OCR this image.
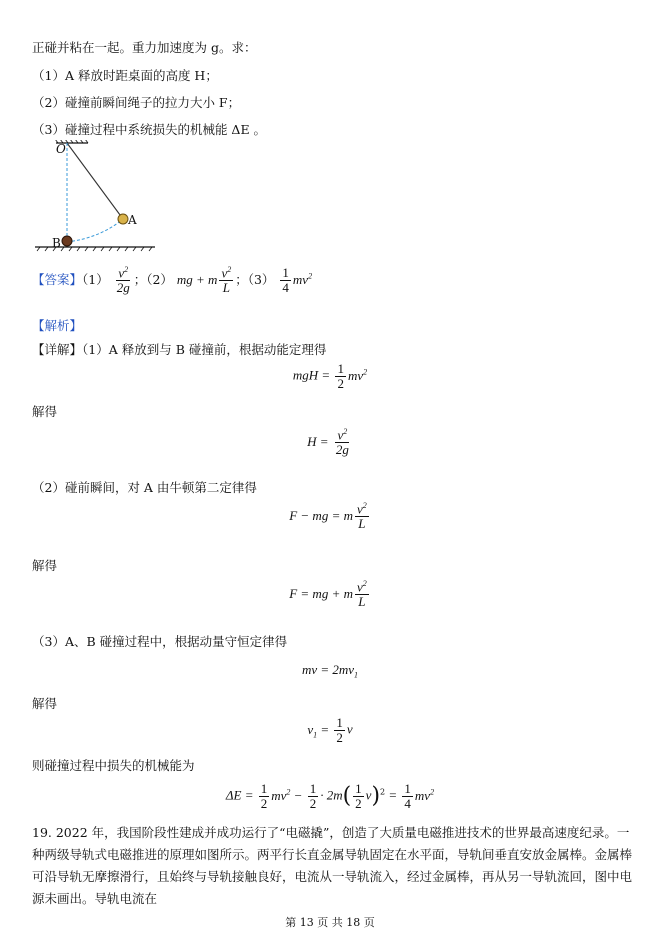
正碰并粘在一起。重力加速度为 g。求：
（1）A 释放时距桌面的高度 H；
（2）碰撞前瞬间绳子的拉力大小 F；
（3）碰撞过程中系统损失的机械能 ΔE 。
O
A
B
【答案】$(1) \frac{v^2}{2g}$ ；（2） mg + m $\frac{v^2}{L}$ ；$(3) \frac{1}{4} mv^2$
【解析】
【详解】（1）A 释放到与 B 碰撞前，根据动能定理得
mgH = $\frac{1}{2} mv^2$
解得
$H = \frac{v^2}{2g}$
（2）碰前瞬间，对 A 由牛顿第二定律得
F − mg = m $\frac{v^2}{L}$
解得
F = mg + m $\frac{v^2}{L}$
（3）A、B 碰撞过程中，根据动量守恒定律得
mv = $2mv_1$
解得
$v_1 = \frac{1}{2}$ v
则碰撞过程中损失的机械能为
$\Delta E = \frac{1}{2} mv^2 - \frac{1}{2} \cdot 2m( \frac{1}{2} v)^2 = \frac{1}{4} mv^2$
19. 2022 年，我国阶段性建成并成功运行了“电磁撬”，创造了大质量电磁推进技术的世界最高速度纪录。一种两级导轨式电磁推进的原理如图所示。两平行长直金属导轨固定在水平面，导轨间垂直安放金属棒。金属棒可沿导轨无摩擦滑行，且始终与导轨接触良好，电流从一导轨流入，经过金属棒，再从另一导轨流回，图中电源未画出。导轨电流在
第 13 页 共 18 页
